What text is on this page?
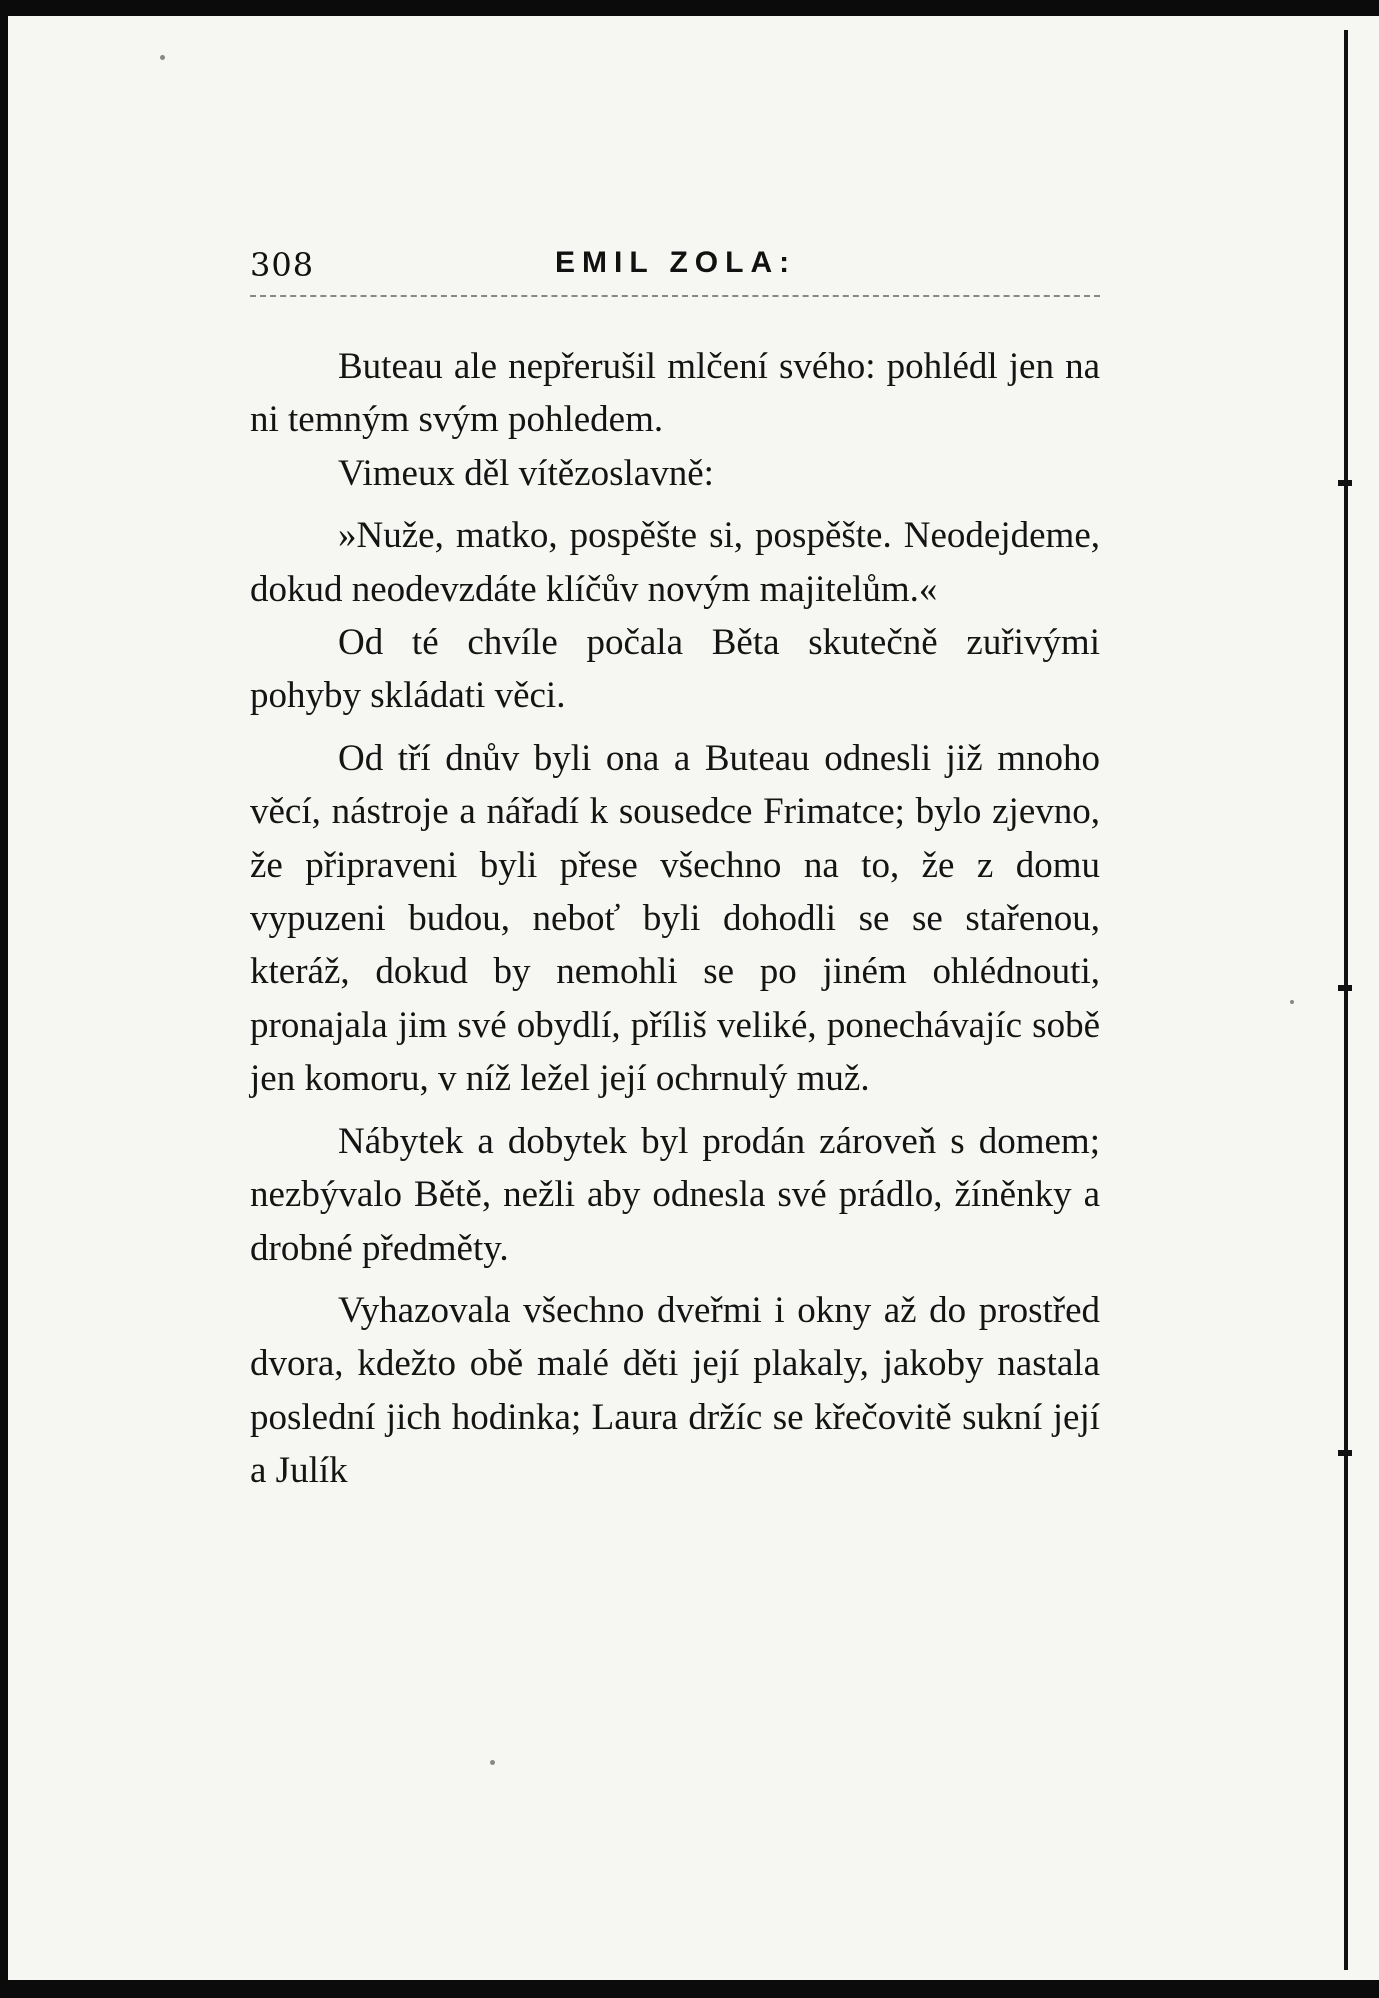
308	EMIL ZOLA:

Buteau ale nepřerušil mlčení svého: pohlédl jen na ni temným svým pohledem.

Vimeux děl vítězoslavně:

»Nuže, matko, pospěšte si, pospěšte. Neodejdeme, dokud neodevzdáte klíčův novým majitelům.«

Od té chvíle počala Běta skutečně zuřivými pohyby skládati věci.

Od tří dnův byli ona a Buteau odnesli již mnoho věcí, nástroje a nářadí k sousedce Frimatce; bylo zjevno, že připraveni byli přese všechno na to, že z domu vypuzeni budou, neboť byli dohodli se se stařenou, kteráž, dokud by nemohli se po jiném ohlédnouti, pronajala jim své obydlí, příliš veliké, ponechávajíc sobě jen komoru, v níž ležel její ochrnulý muž.

Nábytek a dobytek byl prodán zároveň s domem; nezbývalo Bětě, nežli aby odnesla své prádlo, žíněnky a drobné předměty.

Vyhazovala všechno dveřmi i okny až do prostřed dvora, kdežto obě malé děti její plakaly, jakoby nastala poslední jich hodinka; Laura držíc se křečovitě sukní její a Julík
